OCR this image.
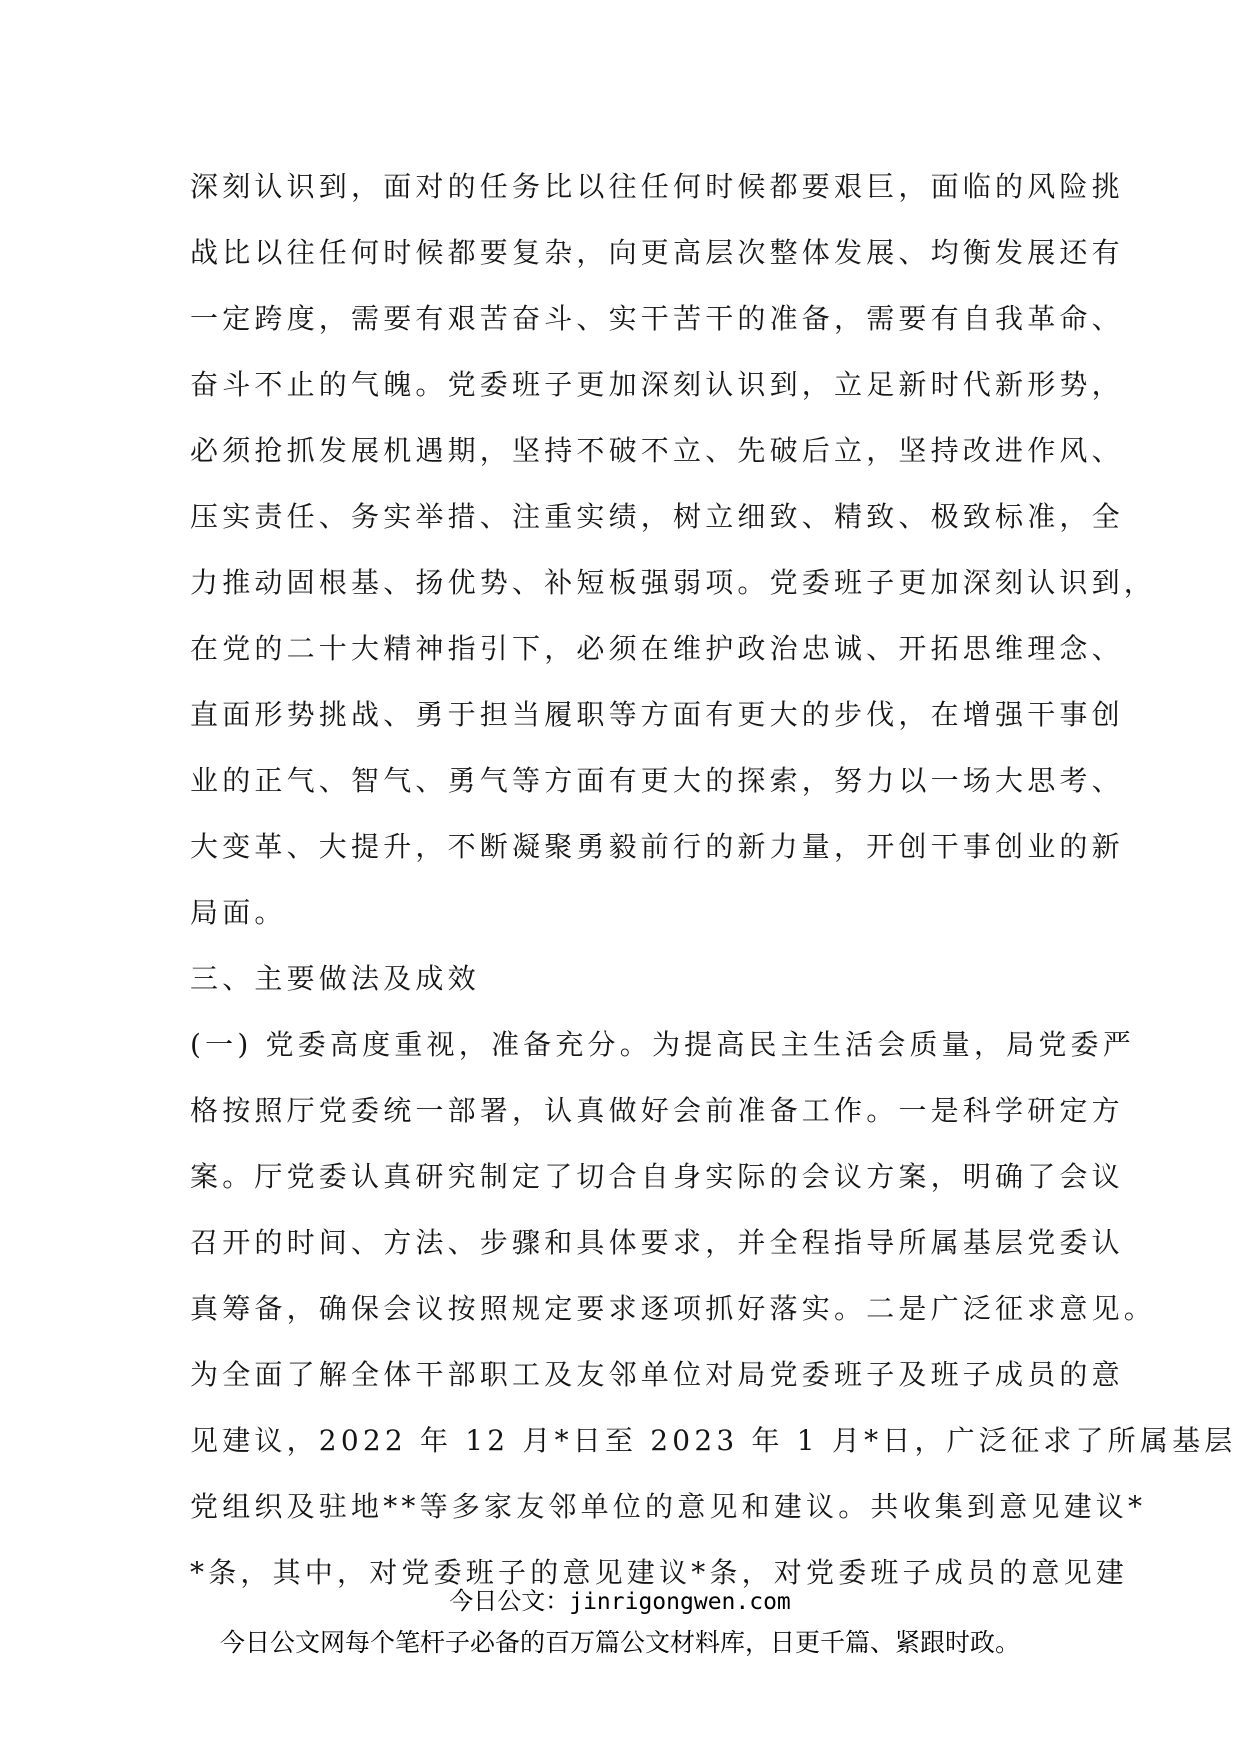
深刻认识到，面对的任务比以往任何时候都要艰巨，面临的风险挑
战比以往任何时候都要复杂，向更高层次整体发展、均衡发展还有
一定跨度，需要有艰苦奋斗、实干苦干的准备，需要有自我革命、
奋斗不止的气魄。党委班子更加深刻认识到，立足新时代新形势，
必须抢抓发展机遇期，坚持不破不立、先破后立，坚持改进作风、
压实责任、务实举措、注重实绩，树立细致、精致、极致标准，全
力推动固根基、扬优势、补短板强弱项。党委班子更加深刻认识到，
在党的二十大精神指引下，必须在维护政治忠诚、开拓思维理念、
直面形势挑战、勇于担当履职等方面有更大的步伐，在增强干事创
业的正气、智气、勇气等方面有更大的探索，努力以一场大思考、
大变革、大提升，不断凝聚勇毅前行的新力量，开创干事创业的新
局面。
三、主要做法及成效
(一) 党委高度重视，准备充分。为提高民主生活会质量，局党委严
格按照厅党委统一部署，认真做好会前准备工作。一是科学研定方
案。厅党委认真研究制定了切合自身实际的会议方案，明确了会议
召开的时间、方法、步骤和具体要求，并全程指导所属基层党委认
真筹备，确保会议按照规定要求逐项抓好落实。二是广泛征求意见。
为全面了解全体干部职工及友邻单位对局党委班子及班子成员的意
见建议，2022 年 12 月*日至 2023 年 1 月*日，广泛征求了所属基层
党组织及驻地**等多家友邻单位的意见和建议。共收集到意见建议*
*条，其中，对党委班子的意见建议*条，对党委班子成员的意见建
今日公文：jinrigongwen.com
今日公文网每个笔杆子必备的百万篇公文材料库，日更千篇、紧跟时政。
